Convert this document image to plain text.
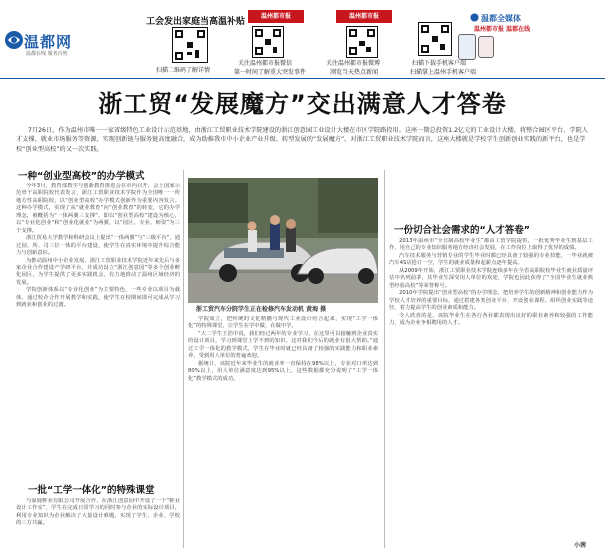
温都网
温都在线 服务百姓
工会发出家庭当高温补贴
扫描二维码了解详情
温州都市报
关注温州都市报微信
第一时间了解重大突发事件
温州都市报
关注温州都市报微博
浏览当天热点新闻
温都全媒体
温州都市报 温都在线
扫描下载手机客户端
扫描掌上温州手机客户端
浙工贸“发展魔方”交出满意人才答卷

7月26日，作为温州市唯一一家省级特色工业设计示范基地，由浙江工贸职业技术学院建设的浙江创意园工业设计大楼在市区学院路投用。这座一期总投资1.2亿元的工业设计大楼，将整合园区平台、学院人才支撑、就业市场服务等资源，实现创新链与服务链高度融合，成为助推我市中小企业产业升级、转型发展的“发展魔方”。对浙江工贸职业技术学院而言，这座大楼就是学校学生创新创业实践的新平台，也是学校“创业型高校”的又一次实践。

一种“创业型高校”的办学模式

今年3月，教育部教学与创新教育推进会在市内召开，会上国家示范骨干高职院校代表发言，浙江工贸职业技术学院作为全国唯一一所地方性高职院校，以“创业型高校”办学模式创新作为重要内容发言。这种办学模式，实现了从“就业教育”向“创业教育”的转变，它的办学理念，被概括为“一体两翼三支撑”，即以“创业型高校”建设为核心，以“专业化创业”和“创业化就业”为两翼，以“园区、专业、师资”为三个支撑。

浙江贸易大学教学和科研会议上提出“一体两翼”与“三级平台”，通过园、所、司三位一体的平台建设，使学生在真实环境中提升综合能力与创新意识。

为推动温州中小企业发展，浙江工贸职业技术学院近年来先后与多家企业合作建设产学研平台，并成功设立“浙江创意园”等多个创业孵化园区，为学生提供了更多实践机会，有力地推动了温州区域经济的发展。

学院创新体系以“专业化创业”为主要特色，一些专业以项目为载体，通过校企合作开展教学和实践，使学生在校期间即可完成从学习到就业和创业的过渡。

一批“工学一体化”的特殊课堂

与温鹿鞋业有限公司开展合作，在浙江创意园中开设了一个“鞋业设计工作室”，学生在完成日常学习的同时参与企业的实际设计项目，利用专业知识为企业解决了大量设计难题，实现了学生、企业、学校的三方共赢。

浙工贸汽车分院学生正在检修汽车发动机 黄海 摄

学院成立，把传统的文化精髓与现代工业设计结合起来，实现“工学一体化”的特殊课堂，让学生在学中做、在做中学。

“大二学生王浩中说，我们经过两年的专业学习，在这里可以接触到企业真实的设计项目，学习到课堂上学不到的知识，这对我们今后的就业有很大帮助。”通过工学一体化的教学模式，学生在毕业时就已经具备了较强的实践能力和职业素养，受到用人单位的普遍欢迎。

据统计，该院近年来毕业生的就业率一直保持在98%以上，专业对口率达到80%以上，用人单位满意度达到95%以上，这些数据都充分说明了“工学一体化”教学模式的成功。

一份切合社会需求的“人才答卷”

2013年温州市“全日制高校毕业生”都由工贸学院提供，一批优秀毕业生到基层工作，用自己的专业知识服务地方经济社会发展，在工作岗位上取得了优异的成绩。

汽车技术服务与营销专业的学生毕业时都已经具备了较强的专业技能，一毕业就被汽车4S店抢订一空，学生的就业质量和起薪点逐年提高。

从2009年开始，浙江工贸职业技术学院连续多年在全省高职院校毕业生就业质量评估中名列前茅，其毕业生深受用人单位的欢迎，学院也因此获得了“全国毕业生就业典型经验高校”等荣誉称号。

2010年学院提出“创业型高校”的办学理念，把培养学生的创新精神和创业能力作为学校人才培养的重要目标，通过搭建各类创业平台、开设创业课程、组织创业实践等途径，着力提高学生的创业素质和能力。

令人欣喜的是，该院毕业生在各行各业都表现出良好的职业素养和较强的工作能力，成为企业争相聘用的人才。

小茜
